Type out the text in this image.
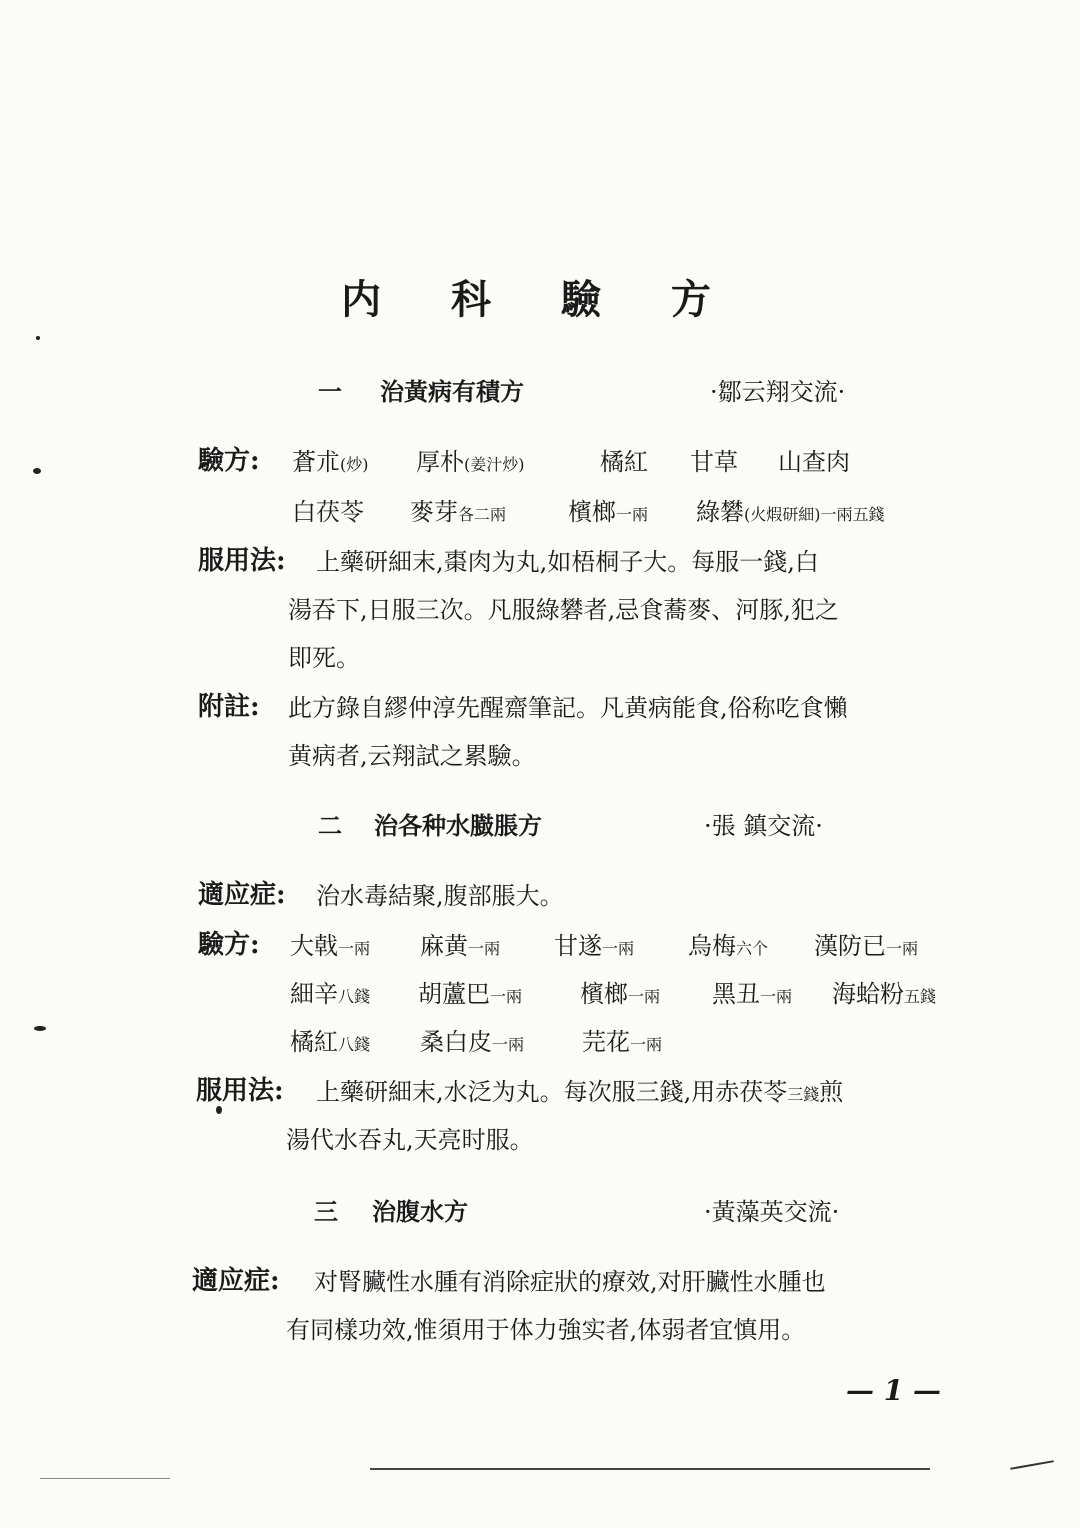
内 科 驗 方
一 治黃病有積方	·鄒云翔交流·
驗方: 蒼朮(炒) 厚朴(姜汁炒)	橘紅 甘草 山查肉
白茯苓 麥芽各二兩	檳榔一兩 綠礬(火煆研細)一兩五錢
服用法: 上藥研細末,棗肉为丸,如梧桐子大。每服一錢,白
湯吞下,日服三次。凡服綠礬者,忌食蕎麥、河豚,犯之
即死。
附註: 此方錄自繆仲淳先醒齋筆記。凡黄病能食,俗称吃食懶
黄病者,云翔試之累驗。
二 治各种水臌脹方	·張 鎮交流·
適应症: 治水毒結聚,腹部脹大。
驗方: 大戟一兩 麻黄一兩 甘遂一兩 烏梅六个 漢防已一兩
細辛八錢 胡蘆巴一兩 檳榔一兩 黑丑一兩 海蛤粉五錢
橘紅八錢 桑白皮一兩 芫花一兩
服用法: 上藥研細末,水泛为丸。每次服三錢,用赤茯苓三錢煎
湯代水吞丸,天亮时服。
三 治腹水方	·黃藻英交流·
適应症: 对腎臟性水腫有消除症狀的療效,对肝臟性水腫也
有同樣功效,惟須用于体力強实者,体弱者宜慎用。
— 1 —
